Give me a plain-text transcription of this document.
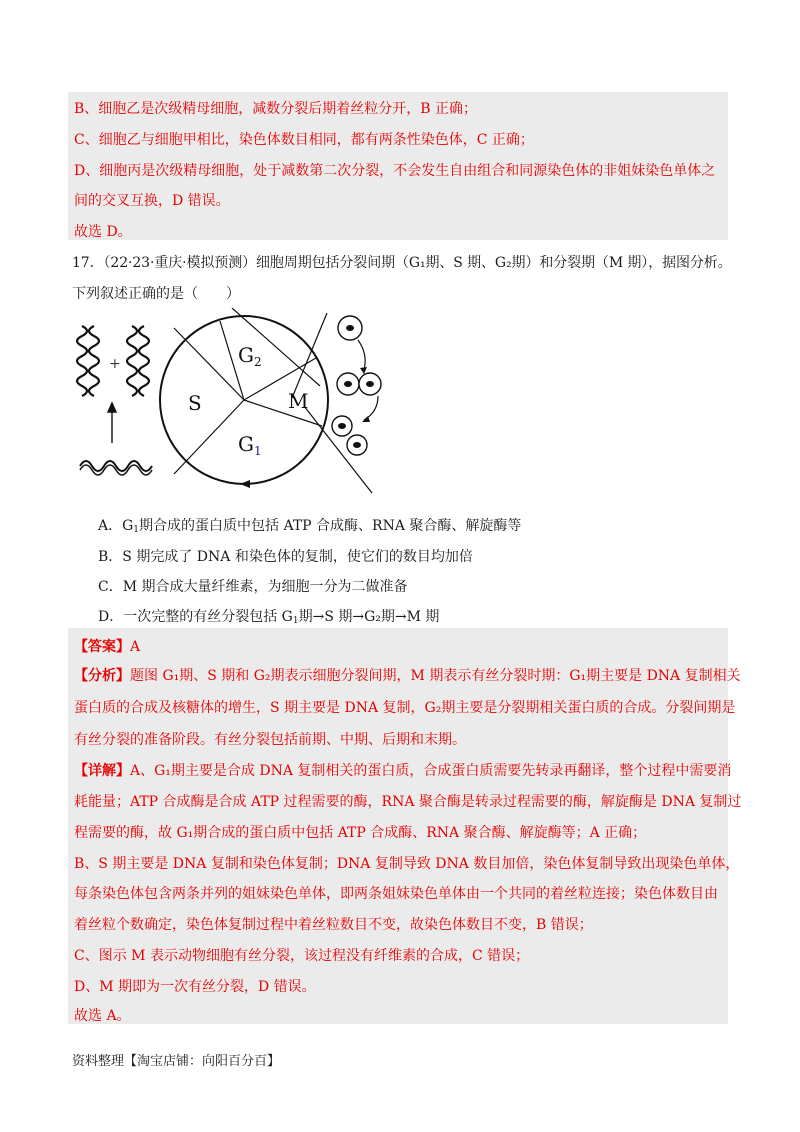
B、细胞乙是次级精母细胞，减数分裂后期着丝粒分开，B 正确；
C、细胞乙与细胞甲相比，染色体数目相同，都有两条性染色体，C 正确；
D、细胞丙是次级精母细胞，处于减数第二次分裂，不会发生自由组合和同源染色体的非姐妹染色单体之
间的交叉互换，D 错误。
故选 D。
17．（22·23·重庆·模拟预测）细胞周期包括分裂间期（G₁期、S 期、G₂期）和分裂期（M 期），据图分析。
下列叙述正确的是（　　）
+	$G_2$
S	M
$G_1$
A．$G_1$期合成的蛋白质中包括 ATP 合成酶、RNA 聚合酶、解旋酶等
B．S 期完成了 DNA 和染色体的复制，使它们的数目均加倍
C．M 期合成大量纤维素，为细胞一分为二做准备
D．一次完整的有丝分裂包括 $G_1$期→S 期→G₂期→M 期
【答案】A
【分析】题图 G₁期、S 期和 G₂期表示细胞分裂间期，M 期表示有丝分裂时期：G₁期主要是 DNA 复制相关
蛋白质的合成及核糖体的增生，S 期主要是 DNA 复制，G₂期主要是分裂期相关蛋白质的合成。分裂间期是
有丝分裂的准备阶段。有丝分裂包括前期、中期、后期和末期。
【详解】A、G₁期主要是合成 DNA 复制相关的蛋白质，合成蛋白质需要先转录再翻译，整个过程中需要消
耗能量；ATP 合成酶是合成 ATP 过程需要的酶，RNA 聚合酶是转录过程需要的酶，解旋酶是 DNA 复制过
程需要的酶，故 G₁期合成的蛋白质中包括 ATP 合成酶、RNA 聚合酶、解旋酶等；A 正确；
B、S 期主要是 DNA 复制和染色体复制；DNA 复制导致 DNA 数目加倍，染色体复制导致出现染色单体，
每条染色体包含两条并列的姐妹染色单体，即两条姐妹染色单体由一个共同的着丝粒连接；染色体数目由
着丝粒个数确定，染色体复制过程中着丝粒数目不变，故染色体数目不变，B 错误；
C、图示 M 表示动物细胞有丝分裂，该过程没有纤维素的合成，C 错误；
D、M 期即为一次有丝分裂，D 错误。
故选 A。
资料整理【淘宝店铺：向阳百分百】
